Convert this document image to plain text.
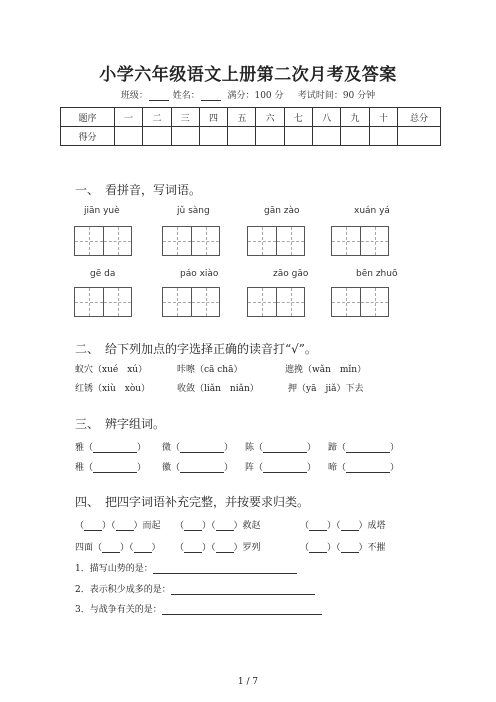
小学六年级语文上册第二次月考及答案
班级：	姓名：	满分：100 分 考试时间：90 分钟
题序	一	二	三	四	五	六	七	八	九	十	总分
得分											
一、　看拼音，写词语。
jiān yuè	jǔ sàng	gān zào	xuán yá
gē da	páo xiào	zāo gāo	bēn zhuō
二、　给下列加点的字选择正确的读音打“√”。
蚁穴（xué　xú）	咔嚓（cā chā）	遮挽（wǎn　mǐn）
红锈（xiù　xòu）	收敛（liǎn　niǎn）	押（yā　jiǎ）下去
三、　辨字组词。
雅（	） 微（	） 陈（	） 蹄（	）
稚（	） 徽（	） 阵（	） 啼（	）
四、　把四字词语补充完整，并按要求归类。
（ ）（ ）而起 （ ）（ ）救赵	（ ）（ ）成塔
四面（ ）（ ） （ ）（ ）罗列	（ ）（ ）不摧
1．描写山势的是：
2．表示积少成多的是：
3．与战争有关的是：
1 / 7
